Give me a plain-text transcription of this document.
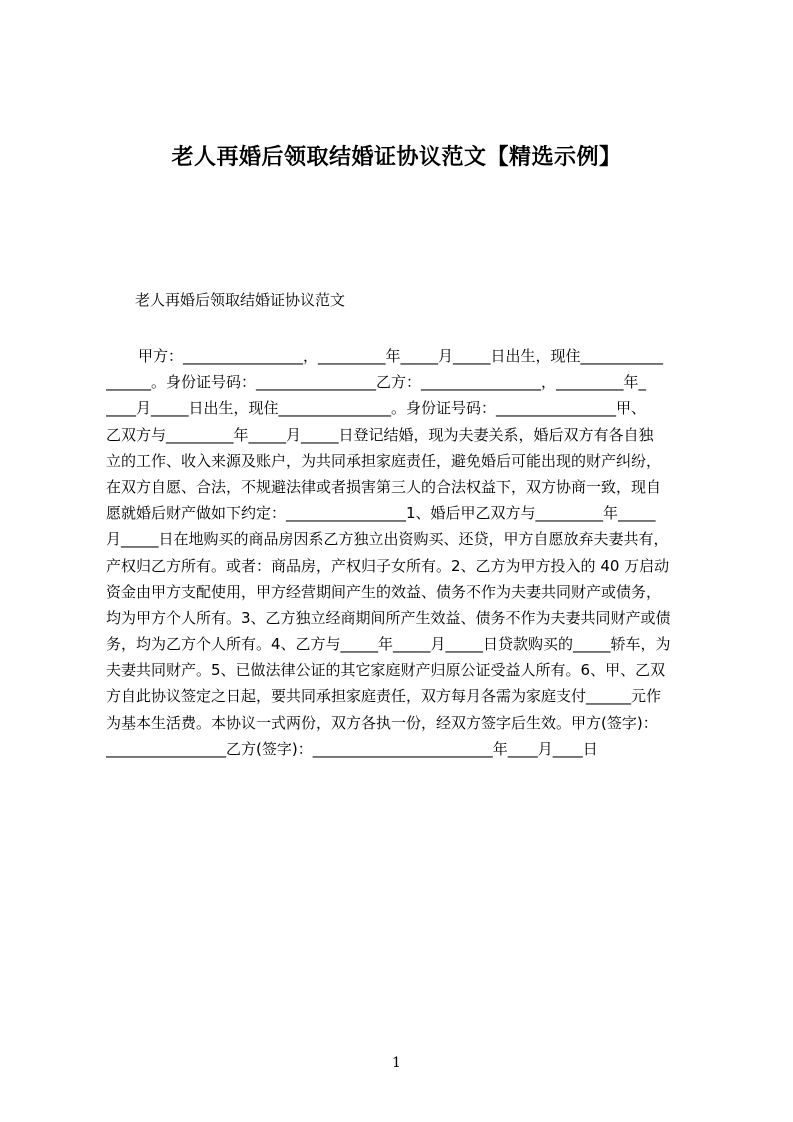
老人再婚后领取结婚证协议范文【精选示例】
老人再婚后领取结婚证协议范文
甲方：________________，_________年_____月_____日出生，现住___________
______。身份证号码：________________乙方：________________，_________年_
____月_____日出生，现住_______________。身份证号码：________________甲、
乙双方与_________年_____月_____日登记结婚，现为夫妻关系，婚后双方有各自独
立的工作、收入来源及账户，为共同承担家庭责任，避免婚后可能出现的财产纠纷，
在双方自愿、合法，不规避法律或者损害第三人的合法权益下，双方协商一致，现自
愿就婚后财产做如下约定：________________1、婚后甲乙双方与_________年_____
月_____日在地购买的商品房因系乙方独立出资购买、还贷，甲方自愿放弃夫妻共有，
产权归乙方所有。或者：商品房，产权归子女所有。2、乙方为甲方投入的 40 万启动
资金由甲方支配使用，甲方经营期间产生的效益、债务不作为夫妻共同财产或债务，
均为甲方个人所有。3、乙方独立经商期间所产生效益、债务不作为夫妻共同财产或债
务，均为乙方个人所有。4、乙方与_____年_____月_____日贷款购买的_____轿车，为
夫妻共同财产。5、已做法律公证的其它家庭财产归原公证受益人所有。6、甲、乙双
方自此协议签定之日起，要共同承担家庭责任，双方每月各需为家庭支付______元作
为基本生活费。本协议一式两份，双方各执一份，经双方签字后生效。甲方(签字)：
________________乙方(签字)：________________________年____月____日
1
